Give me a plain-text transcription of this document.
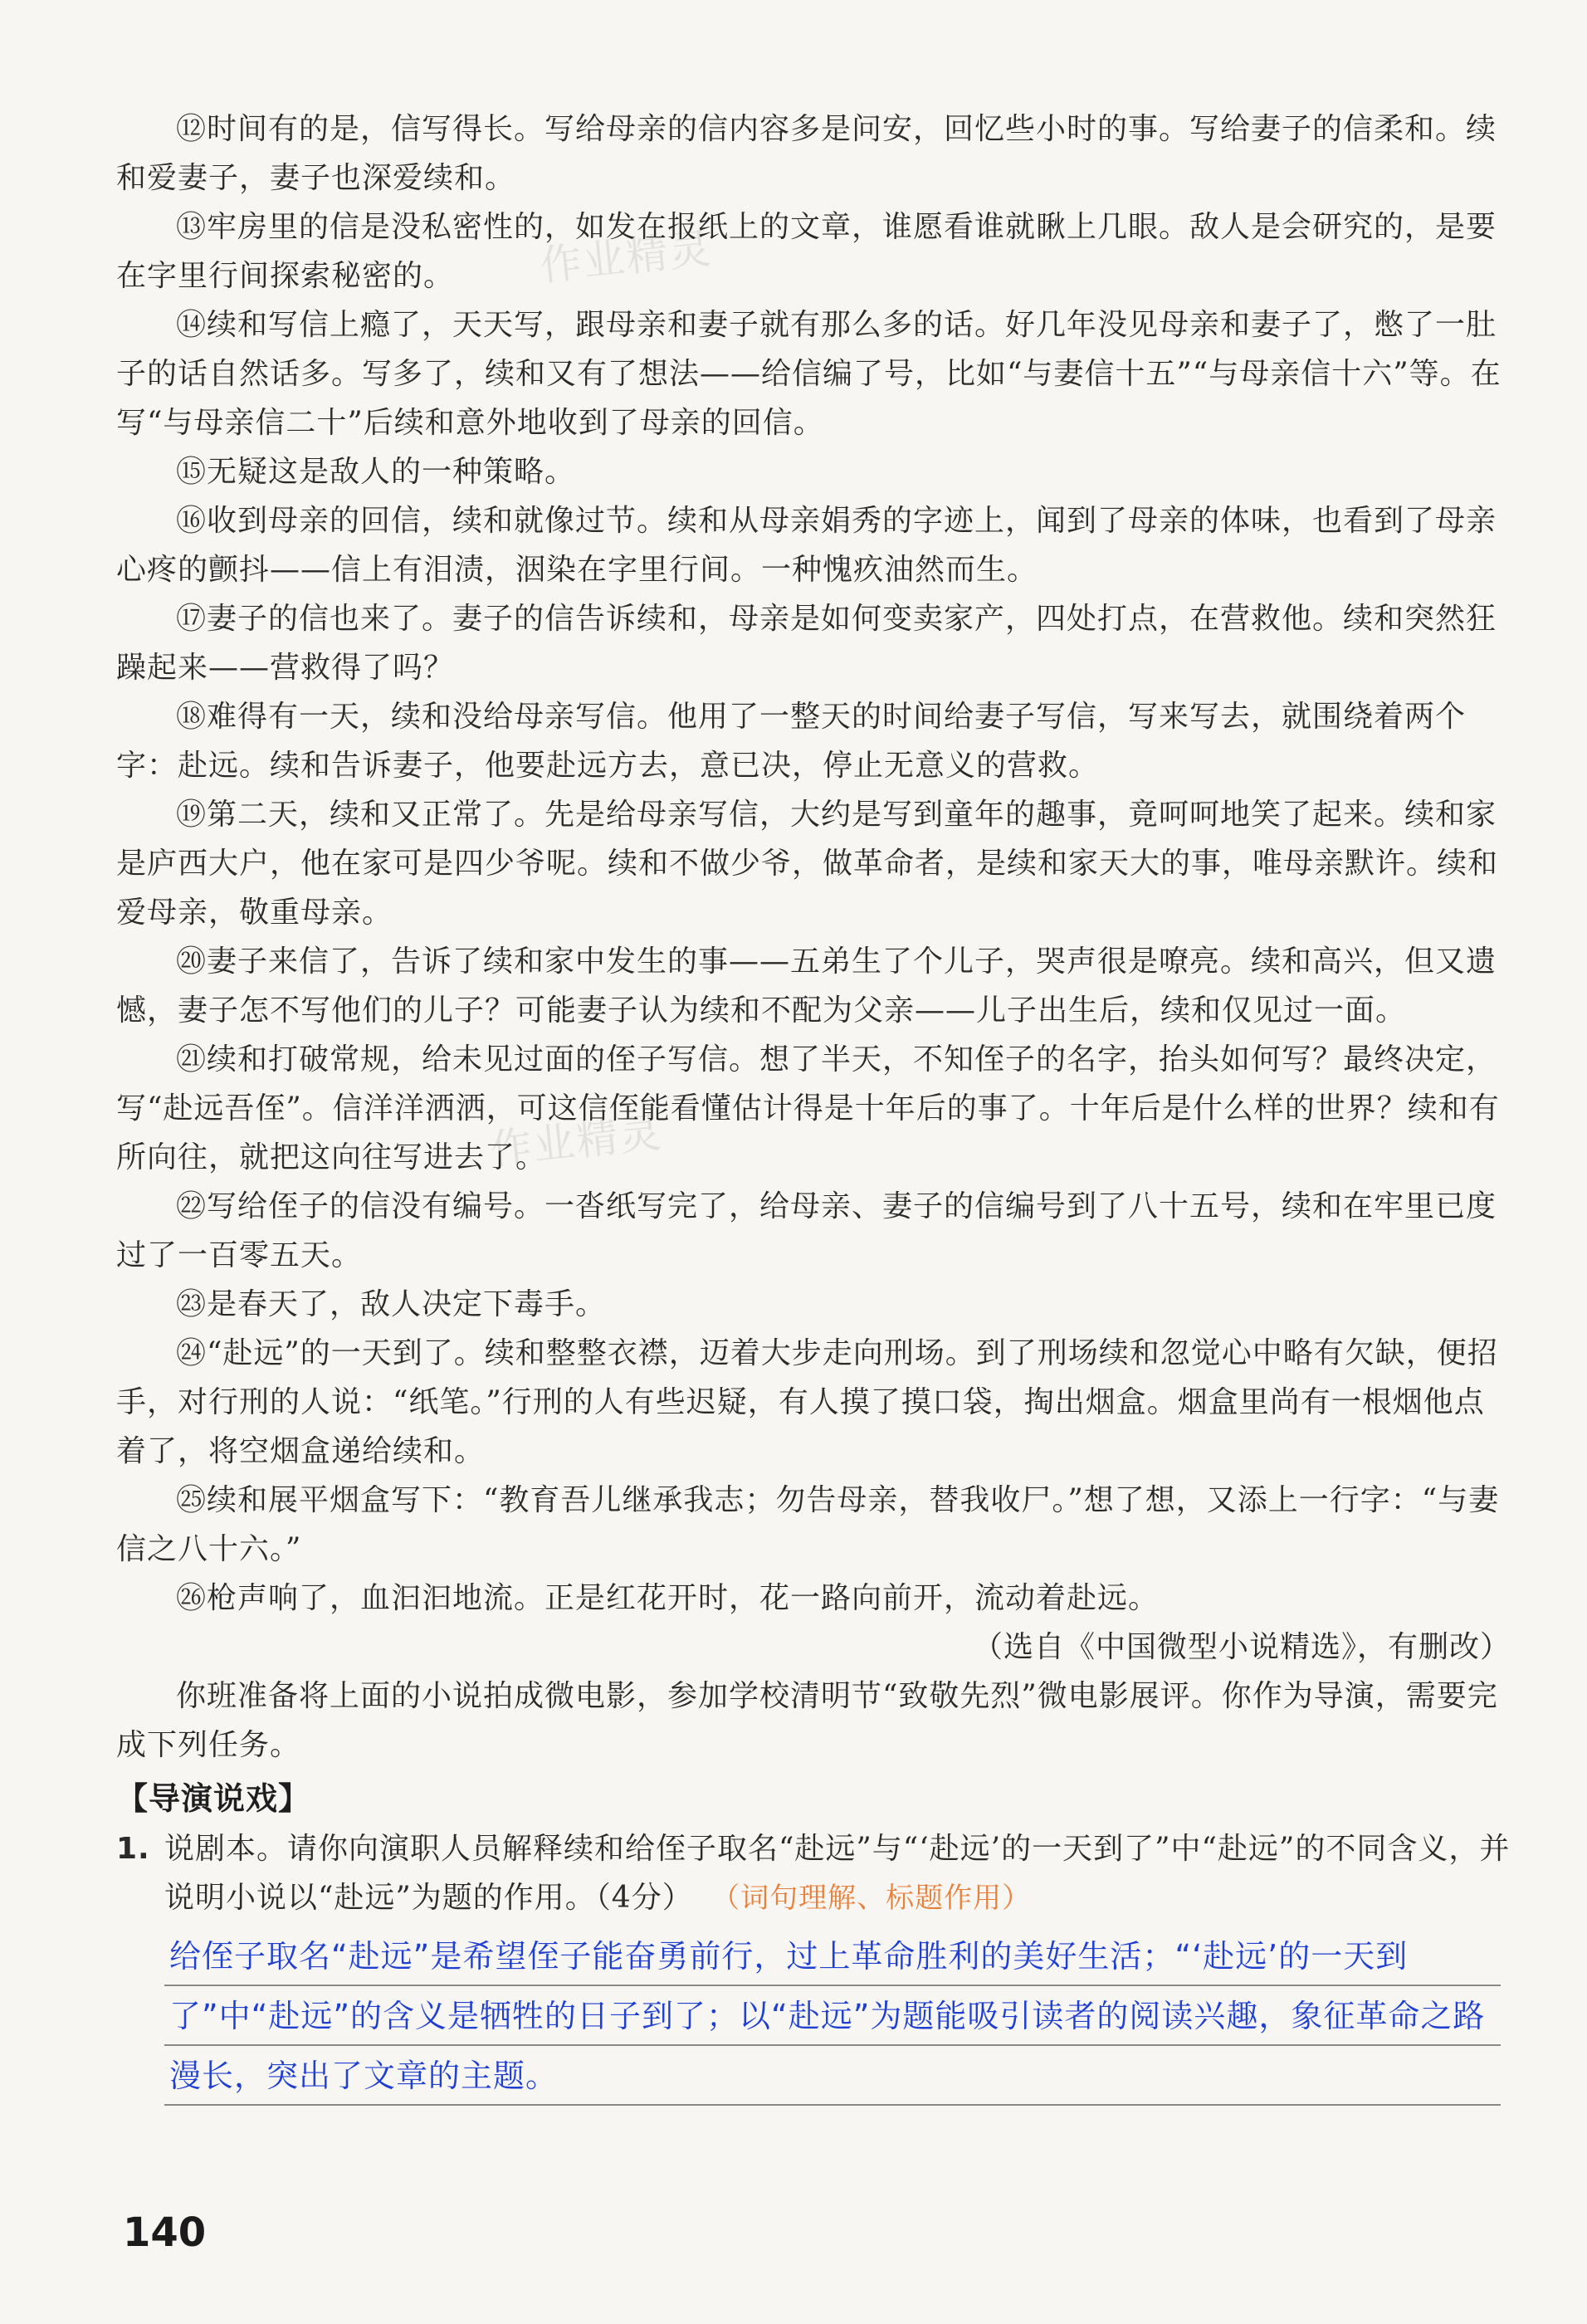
作业精灵
作业精灵

⑫时间有的是，信写得长。写给母亲的信内容多是问安，回忆些小时的事。写给妻子的信柔和。续和爱妻子，妻子也深爱续和。

⑬牢房里的信是没私密性的，如发在报纸上的文章，谁愿看谁就瞅上几眼。敌人是会研究的，是要在字里行间探索秘密的。

⑭续和写信上瘾了，天天写，跟母亲和妻子就有那么多的话。好几年没见母亲和妻子了，憋了一肚子的话自然话多。写多了，续和又有了想法——给信编了号，比如“与妻信十五”“与母亲信十六”等。在写“与母亲信二十”后续和意外地收到了母亲的回信。

⑮无疑这是敌人的一种策略。

⑯收到母亲的回信，续和就像过节。续和从母亲娟秀的字迹上，闻到了母亲的体味，也看到了母亲心疼的颤抖——信上有泪渍，洇染在字里行间。一种愧疚油然而生。

⑰妻子的信也来了。妻子的信告诉续和，母亲是如何变卖家产，四处打点，在营救他。续和突然狂躁起来——营救得了吗？

⑱难得有一天，续和没给母亲写信。他用了一整天的时间给妻子写信，写来写去，就围绕着两个字：赴远。续和告诉妻子，他要赴远方去，意已决，停止无意义的营救。

⑲第二天，续和又正常了。先是给母亲写信，大约是写到童年的趣事，竟呵呵地笑了起来。续和家是庐西大户，他在家可是四少爷呢。续和不做少爷，做革命者，是续和家天大的事，唯母亲默许。续和爱母亲，敬重母亲。

⑳妻子来信了，告诉了续和家中发生的事——五弟生了个儿子，哭声很是嘹亮。续和高兴，但又遗憾，妻子怎不写他们的儿子？可能妻子认为续和不配为父亲——儿子出生后，续和仅见过一面。

㉑续和打破常规，给未见过面的侄子写信。想了半天，不知侄子的名字，抬头如何写？最终决定，写“赴远吾侄”。信洋洋洒洒，可这信侄能看懂估计得是十年后的事了。十年后是什么样的世界？续和有所向往，就把这向往写进去了。

㉒写给侄子的信没有编号。一沓纸写完了，给母亲、妻子的信编号到了八十五号，续和在牢里已度过了一百零五天。

㉓是春天了，敌人决定下毒手。

㉔“赴远”的一天到了。续和整整衣襟，迈着大步走向刑场。到了刑场续和忽觉心中略有欠缺，便招手，对行刑的人说：“纸笔。”行刑的人有些迟疑，有人摸了摸口袋，掏出烟盒。烟盒里尚有一根烟他点着了，将空烟盒递给续和。

㉕续和展平烟盒写下：“教育吾儿继承我志；勿告母亲，替我收尸。”想了想，又添上一行字：“与妻信之八十六。”

㉖枪声响了，血汩汩地流。正是红花开时，花一路向前开，流动着赴远。

（选自《中国微型小说精选》，有删改）

你班准备将上面的小说拍成微电影，参加学校清明节“致敬先烈”微电影展评。你作为导演，需要完成下列任务。

【导演说戏】

1. 说剧本。请你向演职人员解释续和给侄子取名“赴远”与“‘赴远’的一天到了”中“赴远”的不同含义，并说明小说以“赴远”为题的作用。（4分） （词句理解、标题作用）

给侄子取名“赴远”是希望侄子能奋勇前行，过上革命胜利的美好生活；“‘赴远’的一天到了”中“赴远”的含义是牺牲的日子到了；以“赴远”为题能吸引读者的阅读兴趣，象征革命之路漫长，突出了文章的主题。

140
